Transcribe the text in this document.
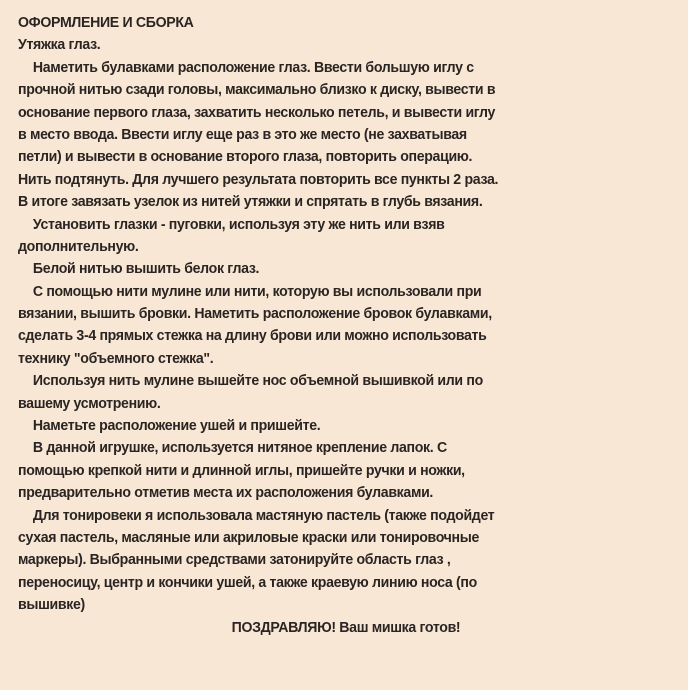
ОФОРМЛЕНИЕ И СБОРКА
Утяжка глаз.
Наметить булавками расположение глаз. Ввести большую иглу с
прочной нитью сзади головы, максимально близко к диску, вывести в
основание первого глаза, захватить несколько петель, и вывести иглу
в место ввода. Ввести иглу еще раз в это же место (не захватывая
петли) и вывести в основание второго глаза, повторить операцию.
Нить подтянуть. Для лучшего результата повторить все пункты 2 раза.
В итоге завязать узелок из нитей утяжки и спрятать в глубь вязания.
Установить глазки - пуговки, используя эту же нить или взяв
дополнительную.
Белой нитью вышить белок глаз.
С помощью нити мулине или нити, которую вы использовали при
вязании, вышить бровки. Наметить расположение бровок булавками,
сделать 3-4 прямых стежка на длину брови или можно использовать
технику "объемного стежка".
Используя нить мулине вышейте нос объемной вышивкой или по
вашему усмотрению.
Наметьте расположение ушей и пришейте.
В данной игрушке, используется нитяное крепление лапок. С
помощью крепкой нити и длинной иглы, пришейте ручки и ножки,
предварительно отметив места их расположения булавками.
Для тонировеки я использовала мастяную пастель (также подойдет
сухая пастель, масляные или акриловые краски или тонировочные
маркеры). Выбранными средствами затонируйте область глаз ,
переносицу, центр и кончики ушей, а также краевую линию носа (по
вышивке)
ПОЗДРАВЛЯЮ! Ваш мишка готов!
